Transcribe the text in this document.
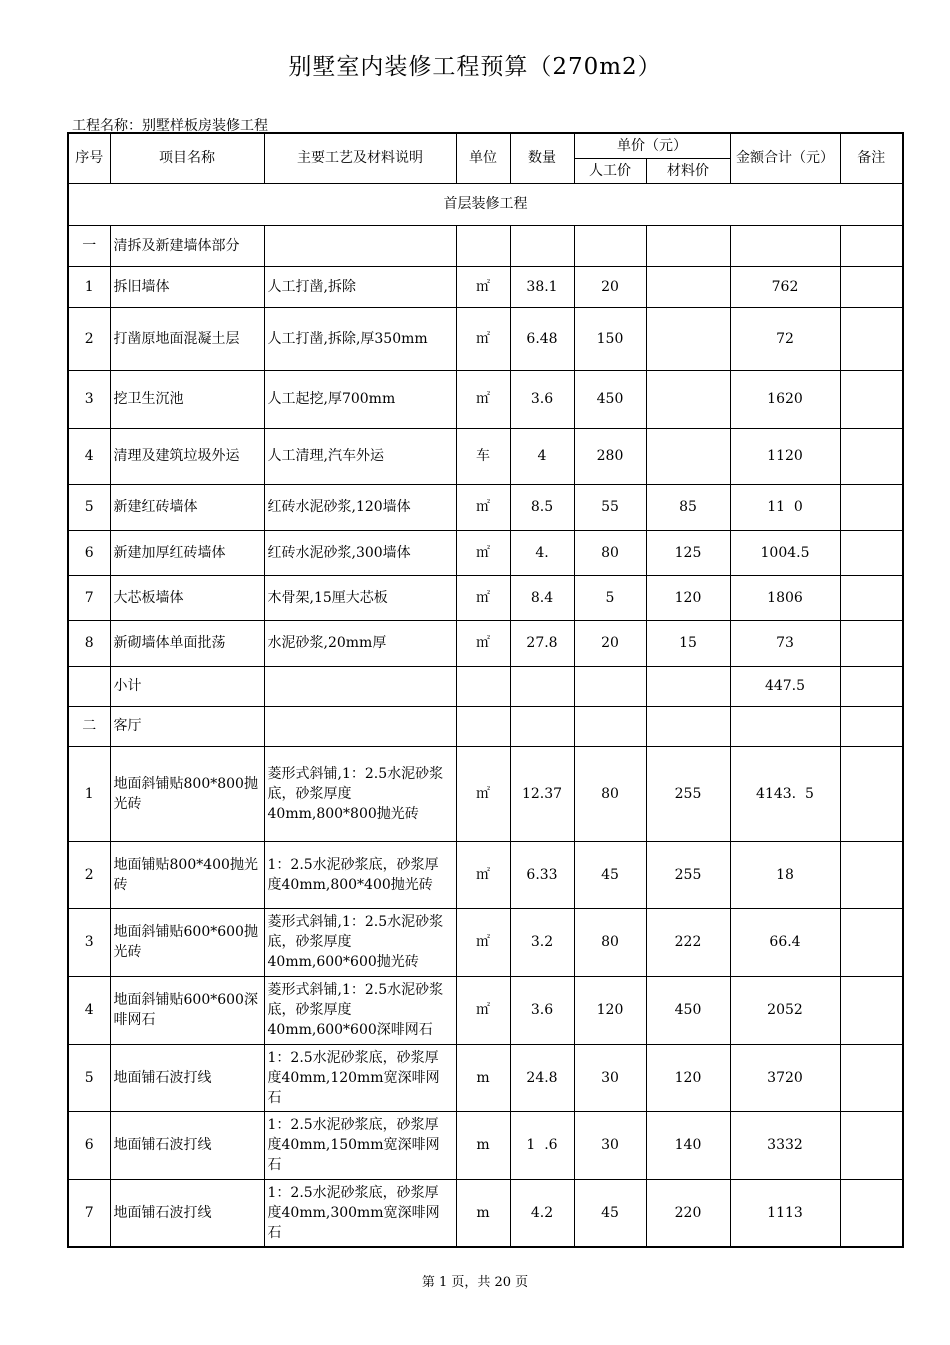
别墅室内装修工程预算（270m2）
工程名称：别墅样板房装修工程
序号	项目名称	主要工艺及材料说明	单位	数量	单价（元）		金额合计（元）	备注
					人工价	材料价		
首层装修工程								
一	清拆及新建墙体部分							
1	拆旧墙体	人工打凿,拆除	㎡	38.1	20		762	
2	打凿原地面混凝土层	人工打凿,拆除,厚350mm	㎡	6.48	150		72	
3	挖卫生沉池	人工起挖,厚700mm	㎡	3.6	450		1620	
4	清理及建筑垃圾外运	人工清理,汽车外运	车	4	280		1120	
5	新建红砖墙体	红砖水泥砂浆,120墙体	㎡	8.5	55	85	11  0	
6	新建加厚红砖墙体	红砖水泥砂浆,300墙体	㎡	4.	80	125	1004.5	
7	大芯板墙体	木骨架,15厘大芯板	㎡	8.4	5	120	1806	
8	新砌墙体单面批荡	水泥砂浆,20mm厚	㎡	27.8	20	15	73	
	小计						447.5	
二	客厅							
1	地面斜铺贴800*800抛光砖	菱形式斜铺,1：2.5水泥砂浆底，砂浆厚度40mm,800*800抛光砖	㎡	12.37	80	255	4143.  5	
2	地面铺贴800*400抛光砖	1：2.5水泥砂浆底，砂浆厚度40mm,800*400抛光砖	㎡	6.33	45	255	18	
3	地面斜铺贴600*600抛光砖	菱形式斜铺,1：2.5水泥砂浆底，砂浆厚度40mm,600*600抛光砖	㎡	3.2	80	222	66.4	
4	地面斜铺贴600*600深啡网石	菱形式斜铺,1：2.5水泥砂浆底，砂浆厚度40mm,600*600深啡网石	㎡	3.6	120	450	2052	
5	地面铺石波打线	1：2.5水泥砂浆底，砂浆厚度40mm,120mm宽深啡网石	m	24.8	30	120	3720	
6	地面铺石波打线	1：2.5水泥砂浆底，砂浆厚度40mm,150mm宽深啡网石	m	1  .6	30	140	3332	
7	地面铺石波打线	1：2.5水泥砂浆底，砂浆厚度40mm,300mm宽深啡网石	m	4.2	45	220	1113	
第 1 页，共 20 页
